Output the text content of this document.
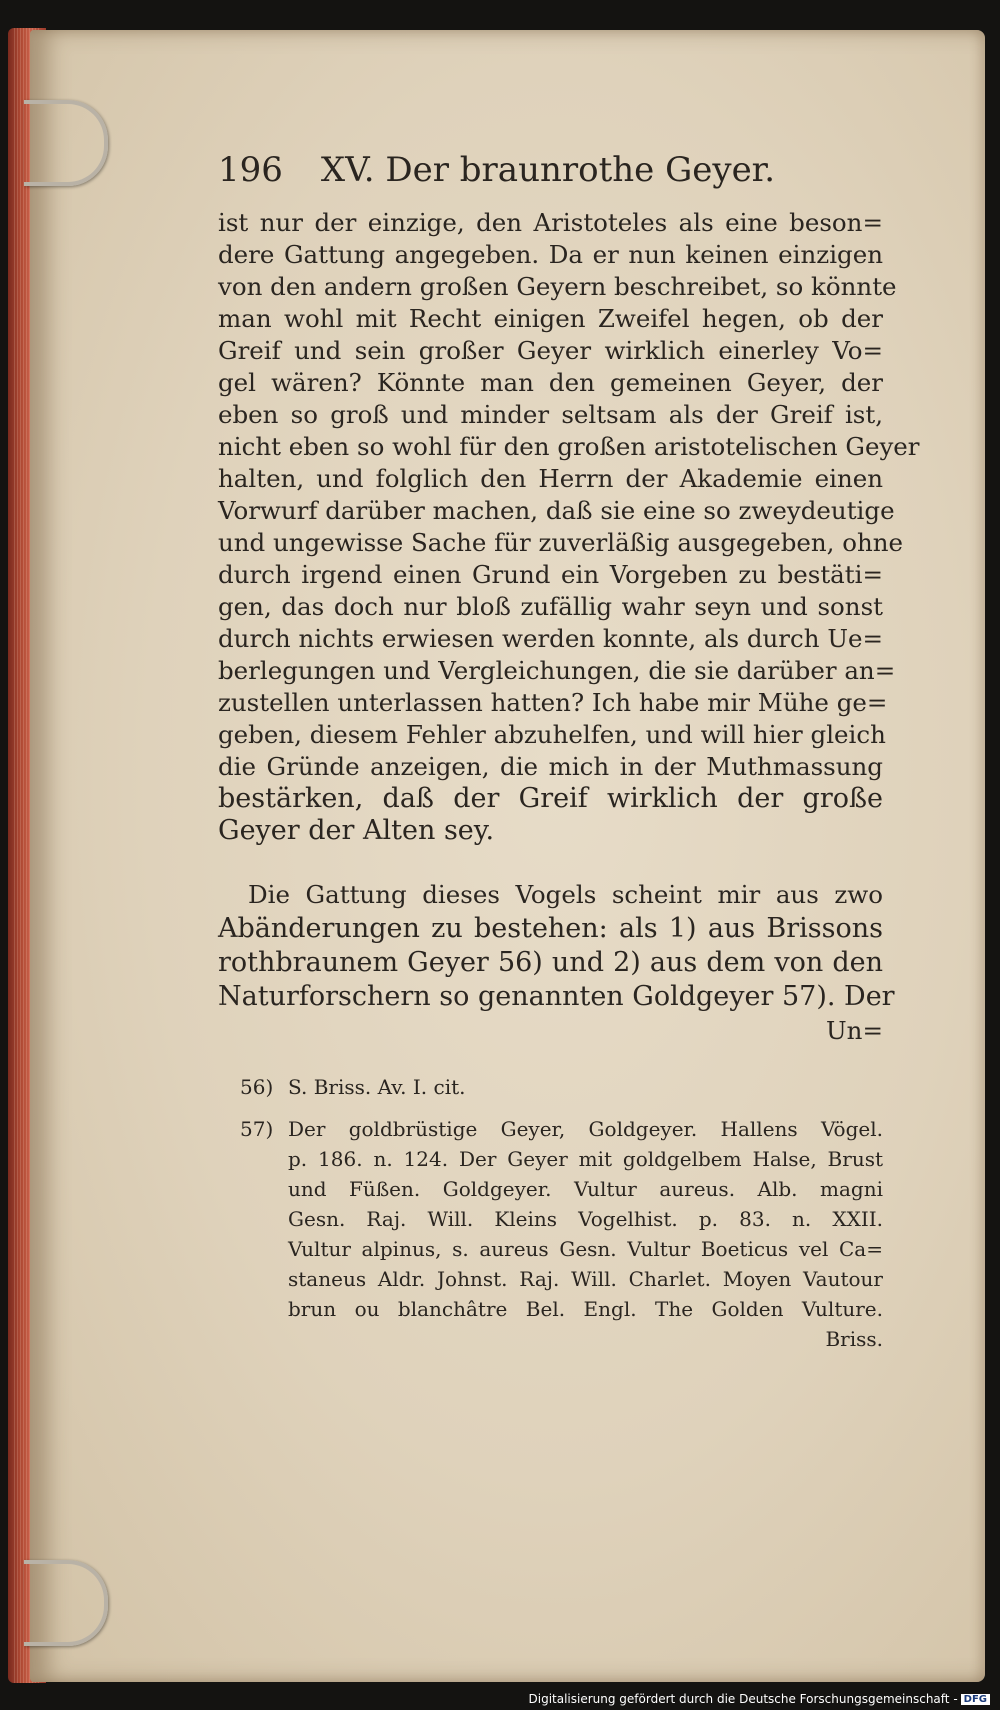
196 XV. Der braunrothe Geyer.
ist nur der einzige, den Aristoteles als eine beson=
dere Gattung angegeben. Da er nun keinen einzigen
von den andern großen Geyern beschreibet, so könnte
man wohl mit Recht einigen Zweifel hegen, ob der
Greif und sein großer Geyer wirklich einerley Vo=
gel wären? Könnte man den gemeinen Geyer, der
eben so groß und minder seltsam als der Greif ist,
nicht eben so wohl für den großen aristotelischen Geyer
halten, und folglich den Herrn der Akademie einen
Vorwurf darüber machen, daß sie eine so zweydeutige
und ungewisse Sache für zuverläßig ausgegeben, ohne
durch irgend einen Grund ein Vorgeben zu bestäti=
gen, das doch nur bloß zufällig wahr seyn und sonst
durch nichts erwiesen werden konnte, als durch Ue=
berlegungen und Vergleichungen, die sie darüber an=
zustellen unterlassen hatten? Ich habe mir Mühe ge=
geben, diesem Fehler abzuhelfen, und will hier gleich
die Gründe anzeigen, die mich in der Muthmassung
bestärken, daß der Greif wirklich der große
Geyer der Alten sey.
Die Gattung dieses Vogels scheint mir aus zwo
Abänderungen zu bestehen: als 1) aus Brissons
rothbraunem Geyer 56) und 2) aus dem von den
Naturforschern so genannten Goldgeyer 57). Der
Un=
56) S. Briss. Av. I. cit.
57) Der goldbrüstige Geyer, Goldgeyer. Hallens Vögel.
p. 186. n. 124. Der Geyer mit goldgelbem Halse, Brust
und Füßen. Goldgeyer. Vultur aureus. Alb. magni
Gesn. Raj. Will. Kleins Vogelhist. p. 83. n. XXII.
Vultur alpinus, s. aureus Gesn. Vultur Boeticus vel Ca=
staneus Aldr. Johnst. Raj. Will. Charlet. Moyen Vautour
brun ou blanchâtre Bel. Engl. The Golden Vulture.
Briss.
Digitalisierung gefördert durch die Deutsche Forschungsgemeinschaft - DFG
